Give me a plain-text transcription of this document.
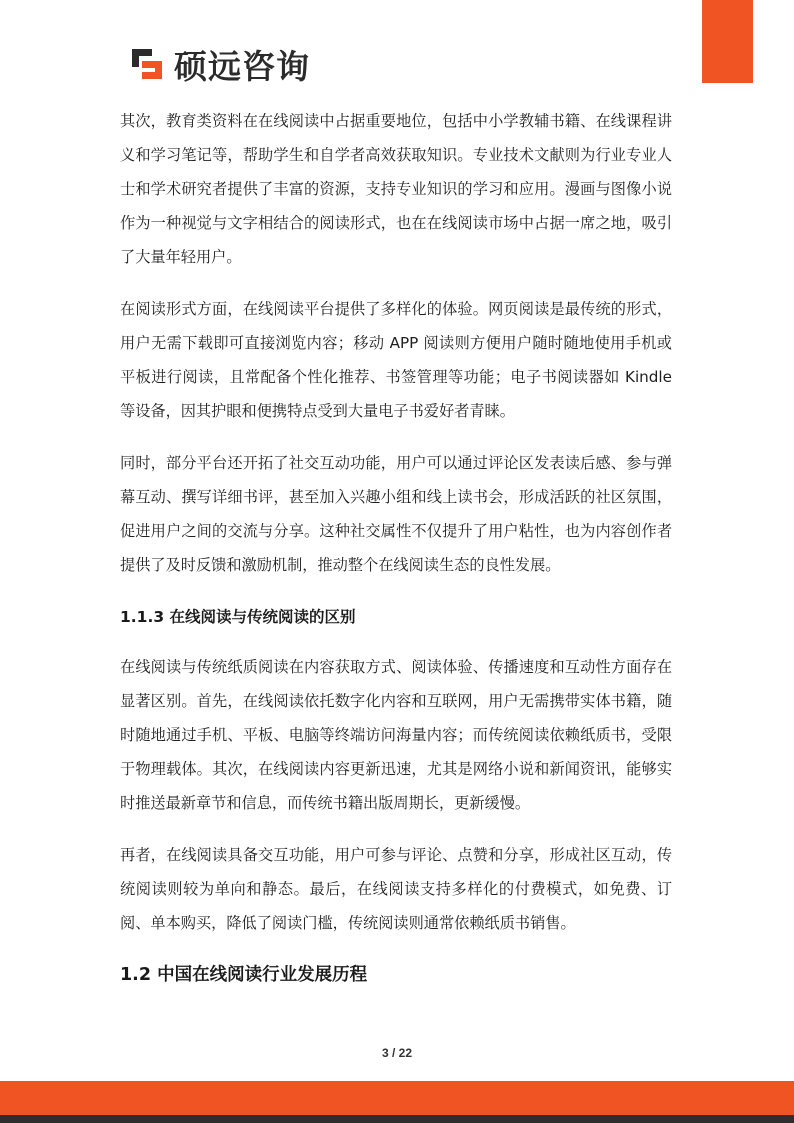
硕远咨询

其次，教育类资料在在线阅读中占据重要地位，包括中小学教辅书籍、在线课程讲义和学习笔记等，帮助学生和自学者高效获取知识。专业技术文献则为行业专业人士和学术研究者提供了丰富的资源，支持专业知识的学习和应用。漫画与图像小说作为一种视觉与文字相结合的阅读形式，也在在线阅读市场中占据一席之地，吸引了大量年轻用户。

在阅读形式方面，在线阅读平台提供了多样化的体验。网页阅读是最传统的形式，用户无需下载即可直接浏览内容；移动 APP 阅读则方便用户随时随地使用手机或平板进行阅读，且常配备个性化推荐、书签管理等功能；电子书阅读器如 Kindle 等设备，因其护眼和便携特点受到大量电子书爱好者青睐。

同时，部分平台还开拓了社交互动功能，用户可以通过评论区发表读后感、参与弹幕互动、撰写详细书评，甚至加入兴趣小组和线上读书会，形成活跃的社区氛围，促进用户之间的交流与分享。这种社交属性不仅提升了用户粘性，也为内容创作者提供了及时反馈和激励机制，推动整个在线阅读生态的良性发展。

1.1.3 在线阅读与传统阅读的区别

在线阅读与传统纸质阅读在内容获取方式、阅读体验、传播速度和互动性方面存在显著区别。首先，在线阅读依托数字化内容和互联网，用户无需携带实体书籍，随时随地通过手机、平板、电脑等终端访问海量内容；而传统阅读依赖纸质书，受限于物理载体。其次，在线阅读内容更新迅速，尤其是网络小说和新闻资讯，能够实时推送最新章节和信息，而传统书籍出版周期长，更新缓慢。

再者，在线阅读具备交互功能，用户可参与评论、点赞和分享，形成社区互动，传统阅读则较为单向和静态。最后，在线阅读支持多样化的付费模式，如免费、订阅、单本购买，降低了阅读门槛，传统阅读则通常依赖纸质书销售。

1.2 中国在线阅读行业发展历程
3 / 22
